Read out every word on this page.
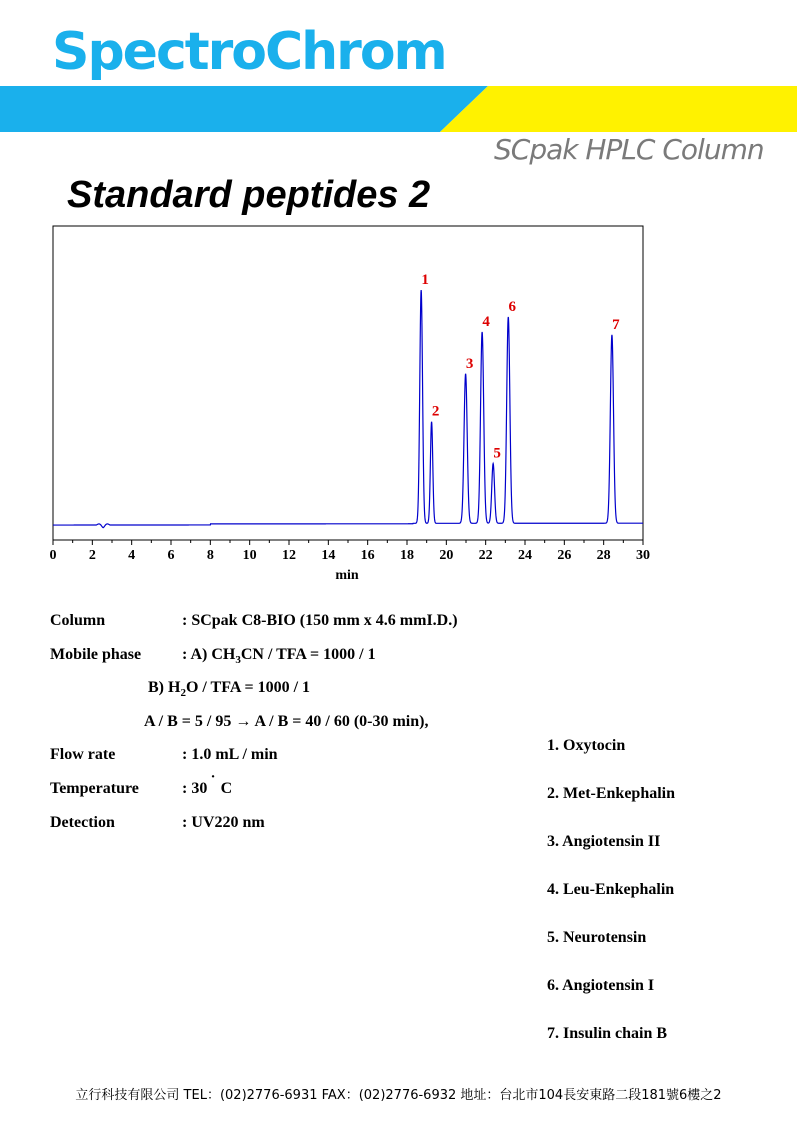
SpectroChrom
SCpak HPLC Column
Standard peptides 2
0 2 4 6 8 10 12 14 16 18 20 22 24 26 28 30
1
2
3
4
5
6
7
min
Column	: SCpak C8-BIO (150 mm x 4.6 mmI.D.)
Mobile phase	: A) $CH_3CN$ / TFA = 1000 / 1
B) $H_2O$ / TFA = 1000 / 1
A / B = 5 / 95 → A / B = 40 / 60 (0-30 min),
Flow rate	: 1.0 mL / min
Temperature	: 30 ˙ C
Detection	: UV220 nm
1. Oxytocin
2. Met-Enkephalin
3. Angiotensin II
4. Leu-Enkephalin
5. Neurotensin
6. Angiotensin I
7. Insulin chain B
立行科技有限公司 TEL：(02)2776-6931 FAX：(02)2776-6932 地址：台北市104長安東路二段181號6樓之2
